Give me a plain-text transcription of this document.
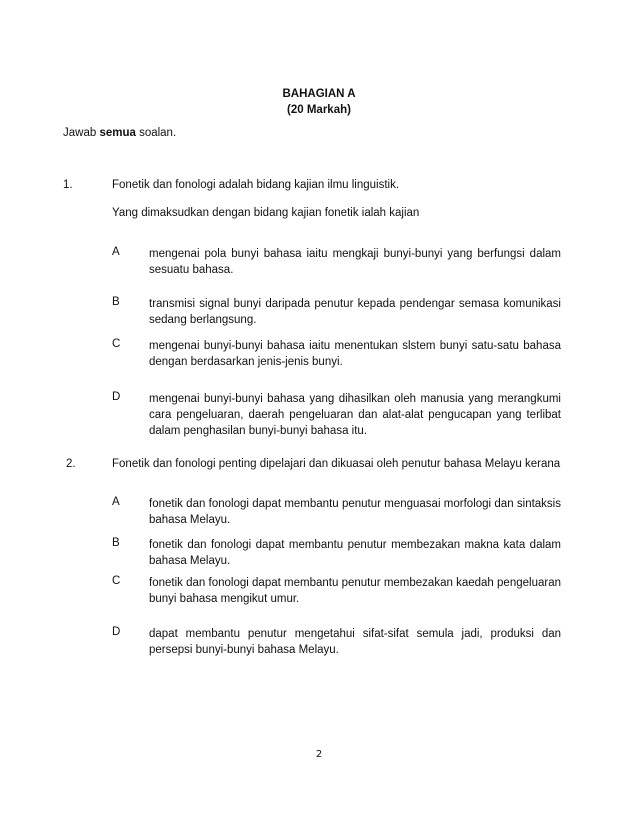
BAHAGIAN A
(20 Markah)
Jawab semua soalan.
1.	Fonetik dan fonologi adalah bidang kajian ilmu linguistik.
Yang dimaksudkan dengan bidang kajian fonetik ialah kajian
A	mengenai pola bunyi bahasa iaitu mengkaji bunyi-bunyi yang berfungsi dalam sesuatu bahasa.
B	transmisi signal bunyi daripada penutur kepada pendengar semasa komunikasi sedang berlangsung.
C mengenai bunyi-bunyi bahasa iaitu menentukan slstem bunyi satu-satu bahasa dengan berdasarkan jenis-jenis bunyi.
D mengenai bunyi-bunyi bahasa yang dihasilkan oleh manusia yang merangkumi cara pengeluaran, daerah pengeluaran dan alat-alat pengucapan yang terlibat dalam penghasilan bunyi-bunyi bahasa itu.
2.	Fonetik dan fonologi penting dipelajari dan dikuasai oleh penutur bahasa Melayu kerana
A	fonetik dan fonologi dapat membantu penutur menguasai morfologi dan sintaksis bahasa Melayu.
B	fonetik dan fonologi dapat membantu penutur membezakan makna kata dalam bahasa Melayu.
C fonetik dan fonologi dapat membantu penutur membezakan kaedah pengeluaran bunyi bahasa mengikut umur.
D dapat membantu penutur mengetahui sifat-sifat semula jadi, produksi dan persepsi bunyi-bunyi bahasa Melayu.
2
